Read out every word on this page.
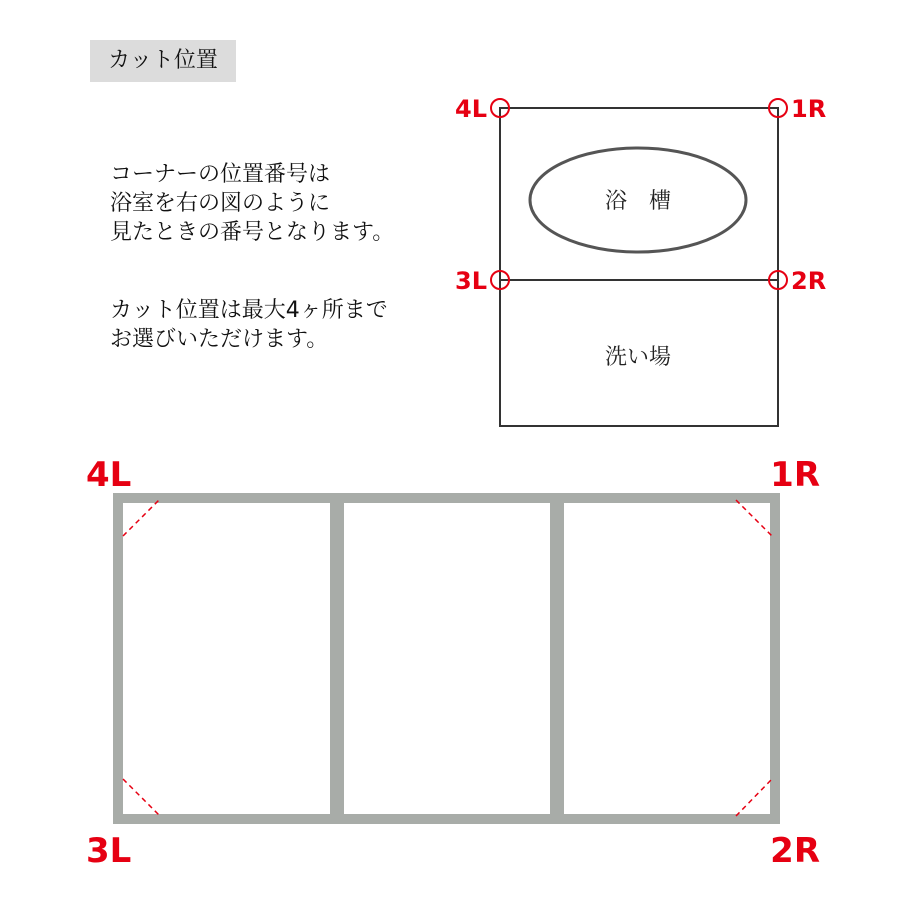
カット位置
コーナーの位置番号は
浴室を右の図のように
見たときの番号となります。
カット位置は最大4ヶ所まで
お選びいただけます。
浴　槽
洗い場
4L	1R
3L	2R
4L	1R
3L	2R
